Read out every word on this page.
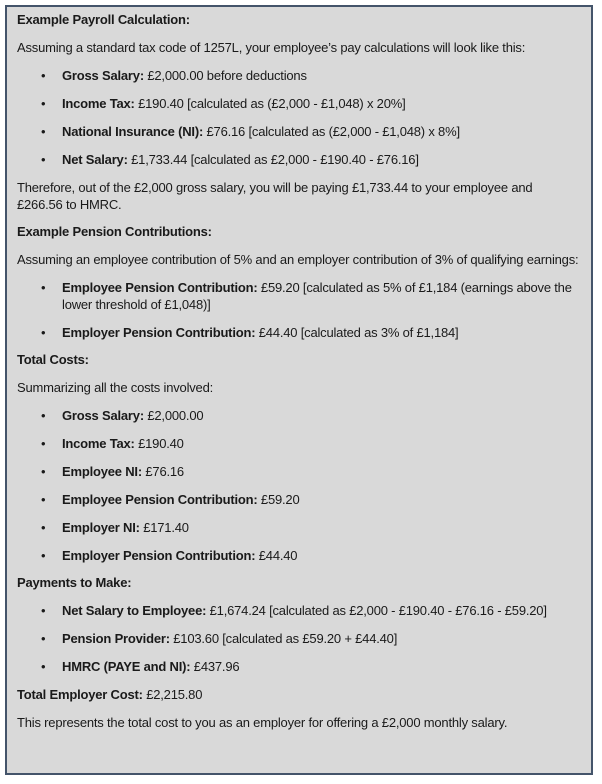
Example Payroll Calculation:

Assuming a standard tax code of 1257L, your employee’s pay calculations will look like this:

• Gross Salary: £2,000.00 before deductions
• Income Tax: £190.40 [calculated as (£2,000 - £1,048) x 20%]
• National Insurance (NI): £76.16 [calculated as (£2,000 - £1,048) x 8%]
• Net Salary: £1,733.44 [calculated as £2,000 - £190.40 - £76.16]

Therefore, out of the £2,000 gross salary, you will be paying £1,733.44 to your employee and £266.56 to HMRC.

Example Pension Contributions:

Assuming an employee contribution of 5% and an employer contribution of 3% of qualifying earnings:

• Employee Pension Contribution: £59.20 [calculated as 5% of £1,184 (earnings above the lower threshold of £1,048)]
• Employer Pension Contribution: £44.40 [calculated as 3% of £1,184]

Total Costs:

Summarizing all the costs involved:

• Gross Salary: £2,000.00
• Income Tax: £190.40
• Employee NI: £76.16
• Employee Pension Contribution: £59.20
• Employer NI: £171.40
• Employer Pension Contribution: £44.40

Payments to Make:

• Net Salary to Employee: £1,674.24 [calculated as £2,000 - £190.40 - £76.16 - £59.20]
• Pension Provider: £103.60 [calculated as £59.20 + £44.40]
• HMRC (PAYE and NI): £437.96

Total Employer Cost: £2,215.80

This represents the total cost to you as an employer for offering a £2,000 monthly salary.
